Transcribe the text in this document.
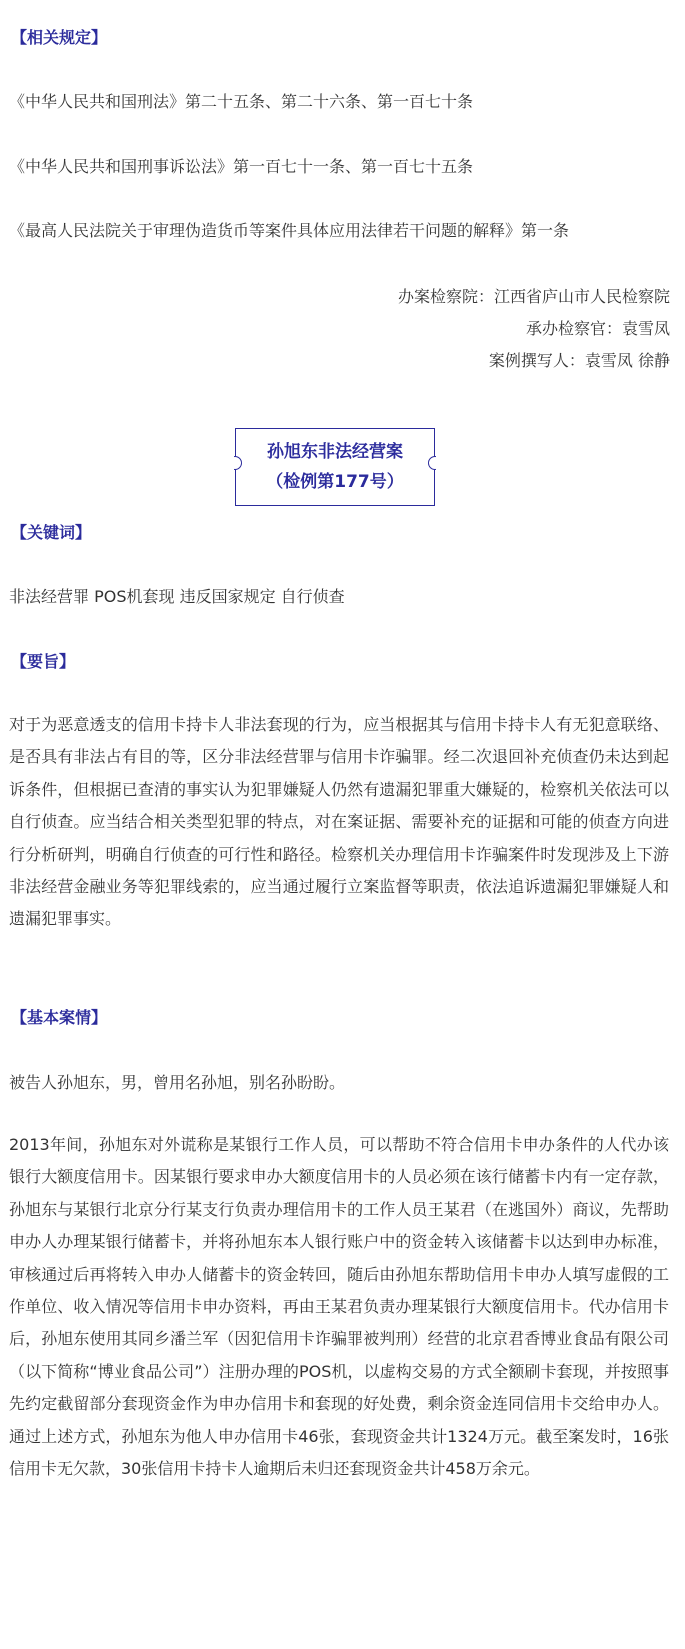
【相关规定】
《中华人民共和国刑法》第二十五条、第二十六条、第一百七十条
《中华人民共和国刑事诉讼法》第一百七十一条、第一百七十五条
《最高人民法院关于审理伪造货币等案件具体应用法律若干问题的解释》第一条
办案检察院：江西省庐山市人民检察院
承办检察官：袁雪凤
案例撰写人：袁雪凤 徐静
孙旭东非法经营案
（检例第177号）
【关键词】
非法经营罪 POS机套现 违反国家规定 自行侦查
【要旨】
对于为恶意透支的信用卡持卡人非法套现的行为，应当根据其与信用卡持卡人有无犯意联络、是否具有非法占有目的等，区分非法经营罪与信用卡诈骗罪。经二次退回补充侦查仍未达到起诉条件，但根据已查清的事实认为犯罪嫌疑人仍然有遗漏犯罪重大嫌疑的，检察机关依法可以自行侦查。应当结合相关类型犯罪的特点，对在案证据、需要补充的证据和可能的侦查方向进行分析研判，明确自行侦查的可行性和路径。检察机关办理信用卡诈骗案件时发现涉及上下游非法经营金融业务等犯罪线索的，应当通过履行立案监督等职责，依法追诉遗漏犯罪嫌疑人和遗漏犯罪事实。
【基本案情】
被告人孙旭东，男，曾用名孙旭，别名孙盼盼。
2013年间，孙旭东对外谎称是某银行工作人员，可以帮助不符合信用卡申办条件的人代办该银行大额度信用卡。因某银行要求申办大额度信用卡的人员必须在该行储蓄卡内有一定存款，孙旭东与某银行北京分行某支行负责办理信用卡的工作人员王某君（在逃国外）商议，先帮助申办人办理某银行储蓄卡，并将孙旭东本人银行账户中的资金转入该储蓄卡以达到申办标准，审核通过后再将转入申办人储蓄卡的资金转回，随后由孙旭东帮助信用卡申办人填写虚假的工作单位、收入情况等信用卡申办资料，再由王某君负责办理某银行大额度信用卡。代办信用卡后，孙旭东使用其同乡潘兰军（因犯信用卡诈骗罪被判刑）经营的北京君香博业食品有限公司（以下简称“博业食品公司”）注册办理的POS机，以虚构交易的方式全额刷卡套现，并按照事先约定截留部分套现资金作为申办信用卡和套现的好处费，剩余资金连同信用卡交给申办人。通过上述方式，孙旭东为他人申办信用卡46张，套现资金共计1324万元。截至案发时，16张信用卡无欠款，30张信用卡持卡人逾期后未归还套现资金共计458万余元。
